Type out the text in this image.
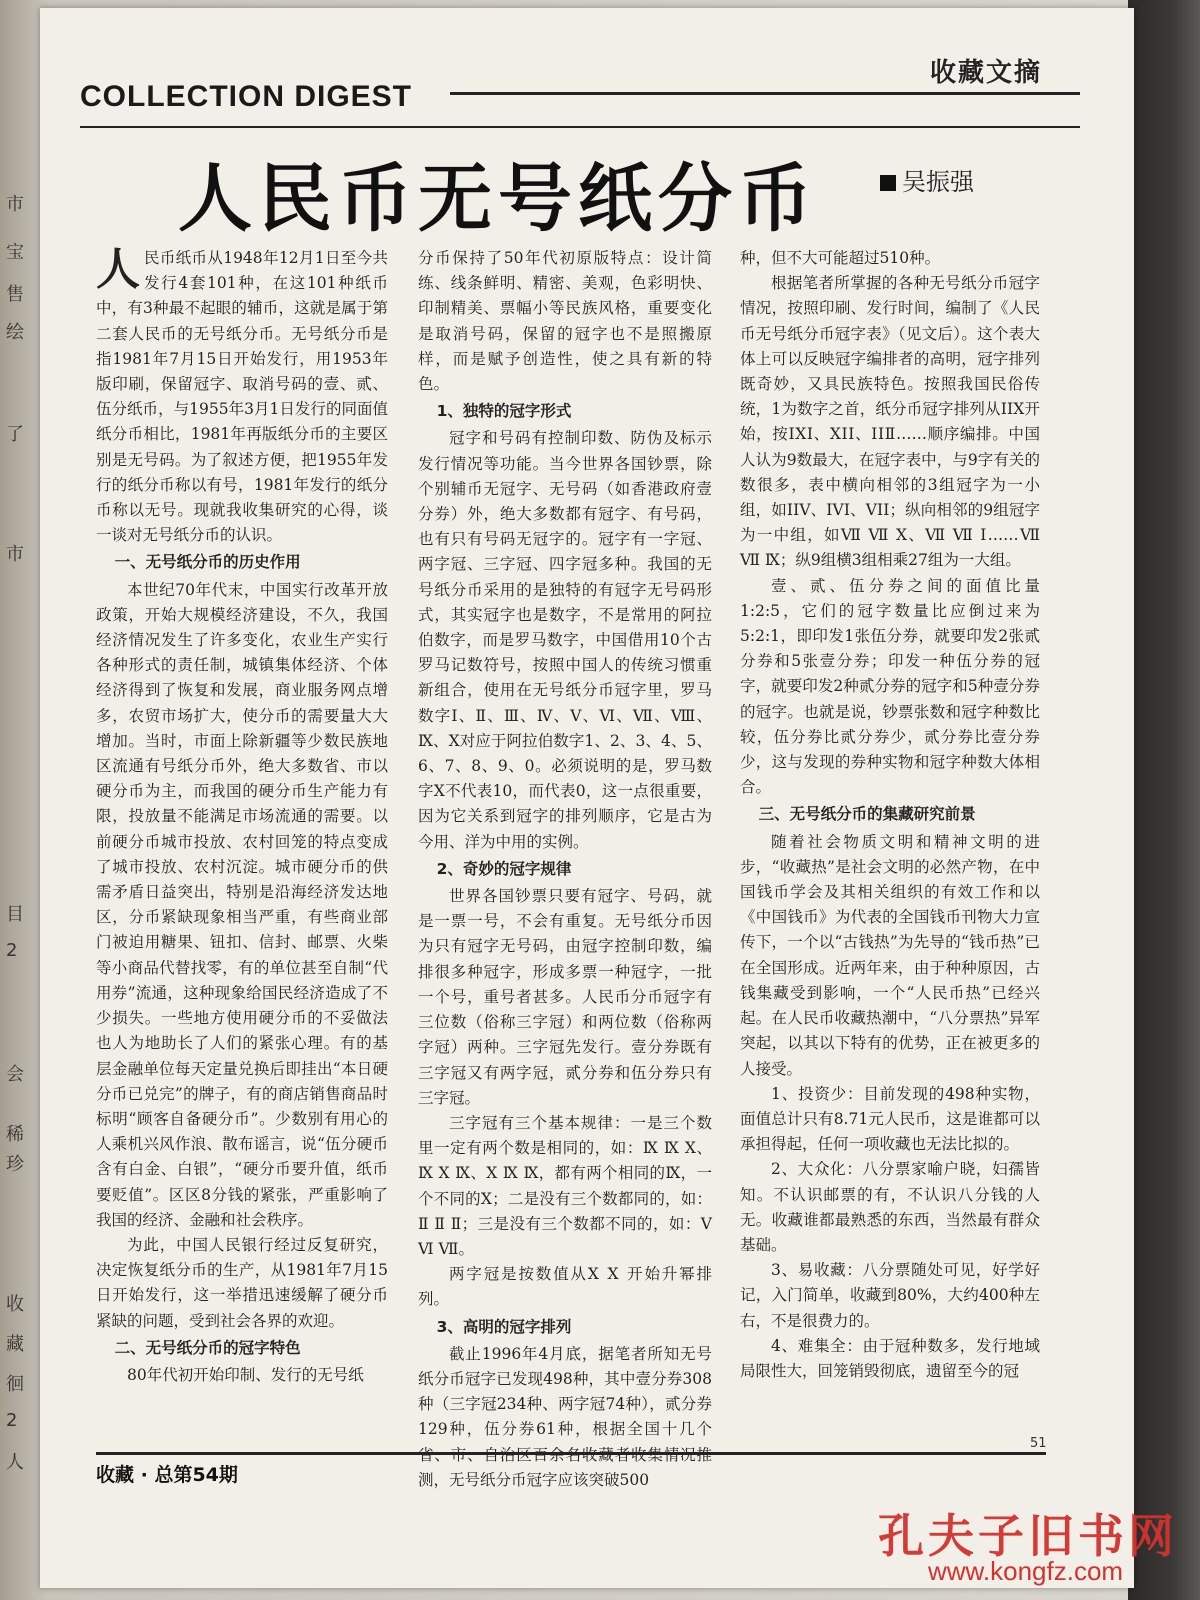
市
宝
售
绘
了
市
目
2
会
稀
珍
收
藏
徊
2
人
收藏文摘
COLLECTION DIGEST
人民币无号纸分币	吴振强

人民币纸币从1948年12月1日至今共发行4套101种，在这101种纸币中，有3种最不起眼的辅币，这就是属于第二套人民币的无号纸分币。无号纸分币是指1981年7月15日开始发行，用1953年版印刷，保留冠字、取消号码的壹、贰、伍分纸币，与1955年3月1日发行的同面值纸分币相比，1981年再版纸分币的主要区别是无号码。为了叙述方便，把1955年发行的纸分币称以有号，1981年发行的纸分币称以无号。现就我收集研究的心得，谈一谈对无号纸分币的认识。

一、无号纸分币的历史作用

本世纪70年代末，中国实行改革开放政策，开始大规模经济建设，不久，我国经济情况发生了许多变化，农业生产实行各种形式的责任制，城镇集体经济、个体经济得到了恢复和发展，商业服务网点增多，农贸市场扩大，使分币的需要量大大增加。当时，市面上除新疆等少数民族地区流通有号纸分币外，绝大多数省、市以硬分币为主，而我国的硬分币生产能力有限，投放量不能满足市场流通的需要。以前硬分币城市投放、农村回笼的特点变成了城市投放、农村沉淀。城市硬分币的供需矛盾日益突出，特别是沿海经济发达地区，分币紧缺现象相当严重，有些商业部门被迫用糖果、钮扣、信封、邮票、火柴等小商品代替找零，有的单位甚至自制“代用券”流通，这种现象给国民经济造成了不少损失。一些地方使用硬分币的不妥做法也人为地助长了人们的紧张心理。有的基层金融单位每天定量兑换后即挂出“本日硬分币已兑完”的牌子，有的商店销售商品时标明“顾客自备硬分币”。少数别有用心的人乘机兴风作浪、散布谣言，说“伍分硬币含有白金、白银”，“硬分币要升值，纸币要贬值”。区区8分钱的紧张，严重影响了我国的经济、金融和社会秩序。

为此，中国人民银行经过反复研究，决定恢复纸分币的生产，从1981年7月15日开始发行，这一举措迅速缓解了硬分币紧缺的问题，受到社会各界的欢迎。

二、无号纸分币的冠字特色

80年代初开始印制、发行的无号纸

分币保持了50年代初原版特点：设计简练、线条鲜明、精密、美观，色彩明快、印制精美、票幅小等民族风格，重要变化是取消号码，保留的冠字也不是照搬原样，而是赋予创造性，使之具有新的特色。

1、独特的冠字形式

冠字和号码有控制印数、防伪及标示发行情况等功能。当今世界各国钞票，除个别辅币无冠字、无号码（如香港政府壹分券）外，绝大多数都有冠字、有号码，也有只有号码无冠字的。冠字有一字冠、两字冠、三字冠、四字冠多种。我国的无号纸分币采用的是独特的有冠字无号码形式，其实冠字也是数字，不是常用的阿拉伯数字，而是罗马数字，中国借用10个古罗马记数符号，按照中国人的传统习惯重新组合，使用在无号纸分币冠字里，罗马数字Ⅰ、Ⅱ、Ⅲ、Ⅳ、Ⅴ、Ⅵ、Ⅶ、Ⅷ、Ⅸ、Ⅹ对应于阿拉伯数字1、2、3、4、5、6、7、8、9、0。必须说明的是，罗马数字Ⅹ不代表10，而代表0，这一点很重要，因为它关系到冠字的排列顺序，它是古为今用、洋为中用的实例。

2、奇妙的冠字规律

世界各国钞票只要有冠字、号码，就是一票一号，不会有重复。无号纸分币因为只有冠字无号码，由冠字控制印数，编排很多种冠字，形成多票一种冠字，一批一个号，重号者甚多。人民币分币冠字有三位数（俗称三字冠）和两位数（俗称两字冠）两种。三字冠先发行。壹分券既有三字冠又有两字冠，贰分券和伍分券只有三字冠。

三字冠有三个基本规律：一是三个数里一定有两个数是相同的，如：Ⅸ Ⅸ Ⅹ、Ⅸ Ⅹ Ⅸ、Ⅹ Ⅸ Ⅸ，都有两个相同的Ⅸ，一个不同的Ⅹ；二是没有三个数都同的，如：Ⅱ Ⅱ Ⅱ；三是没有三个数都不同的，如：Ⅴ Ⅵ Ⅶ。

两字冠是按数值从Ⅹ Ⅹ 开始升幂排列。

3、高明的冠字排列

截止1996年4月底，据笔者所知无号纸分币冠字已发现498种，其中壹分券308种（三字冠234种、两字冠74种），贰分券129种，伍分券61种，根据全国十几个 测，无号纸分币冠字应该突破500

种，但不大可能超过510种。

根据笔者所掌握的各种无号纸分币冠字情况，按照印刷、发行时间，编制了《人民币无号纸分币冠字表》（见文后）。这个表大体上可以反映冠字编排者的高明，冠字排列既奇妙，又具民族特色。按照我国民俗传统，1为数字之首，纸分币冠字排列从ⅠⅠⅩ开始，按ⅠⅩⅠ、ⅩⅠⅠ、ⅠⅠⅡ……顺序编排。中国人认为9数最大，在冠字表中，与9字有关的数很多，表中横向相邻的3组冠字为一小组，如ⅠⅠⅤ、ⅠⅤⅠ、ⅤⅠⅠ；纵向相邻的9组冠字为一中组，如Ⅶ Ⅶ Ⅹ、Ⅶ Ⅶ Ⅰ……Ⅶ Ⅶ Ⅸ；纵9组横3组相乘27组为一大组。

壹、贰、伍分券之间的面值比量1:2:5，它们的冠字数量比应倒过来为5:2:1，即印发1张伍分券，就要印发2张贰分券和5张壹分券；印发一种伍分券的冠字，就要印发2种贰分券的冠字和5种壹分券的冠字。也就是说，钞票张数和冠字种数比较，伍分券比贰分券少，贰分券比壹分券少，这与发现的券种实物和冠字种数大体相合。

三、无号纸分币的集藏研究前景

随着社会物质文明和精神文明的进步，“收藏热”是社会文明的必然产物，在中国钱币学会及其相关组织的有效工作和以《中国钱币》为代表的全国钱币刊物大力宣传下，一个以“古钱热”为先导的“钱币热”已在全国形成。近两年来，由于种种原因，古钱集藏受到影响，一个“人民币热”已经兴起。在人民币收藏热潮中，“八分票热”异军突起，以其以下特有的优势，正在被更多的人接受。

1、投资少：目前发现的498种实物，面值总计只有8.71元人民币，这是谁都可以承担得起，任何一项收藏也无法比拟的。

2、大众化：八分票家喻户晓，妇孺皆知。不认识邮票的有，不认识八分钱的人无。收藏谁都最熟悉的东西，当然最有群众基础。

3、易收藏：八分票随处可见，好学好记，入门简单，收藏到80%，大约400种左右，不是很费力的。

4、难集全：由于冠种数多，发行地域局限性大，回笼销毁彻底，遗留至今的冠

收藏 · 总第54期
51
孔夫子旧书网
www.kongfz.com
